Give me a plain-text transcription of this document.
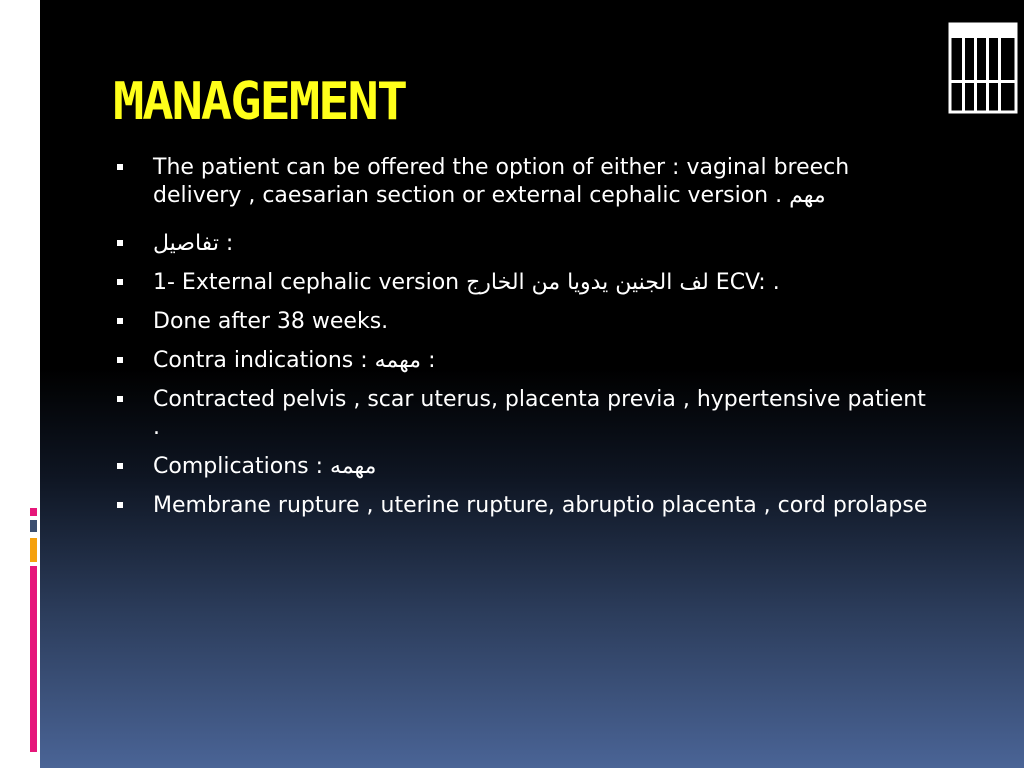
MANAGEMENT
The patient can be offered the option of either : vaginal breech delivery , caesarian section or external cephalic version . مهم
تفاصيل :
1- External cephalic version لف الجنين يدويا من الخارج ECV: .
Done after 38 weeks.
Contra indications : مهمه :
Contracted pelvis , scar uterus, placenta previa , hypertensive patient .
Complications : مهمه
Membrane rupture , uterine rupture, abruptio placenta , cord prolapse
